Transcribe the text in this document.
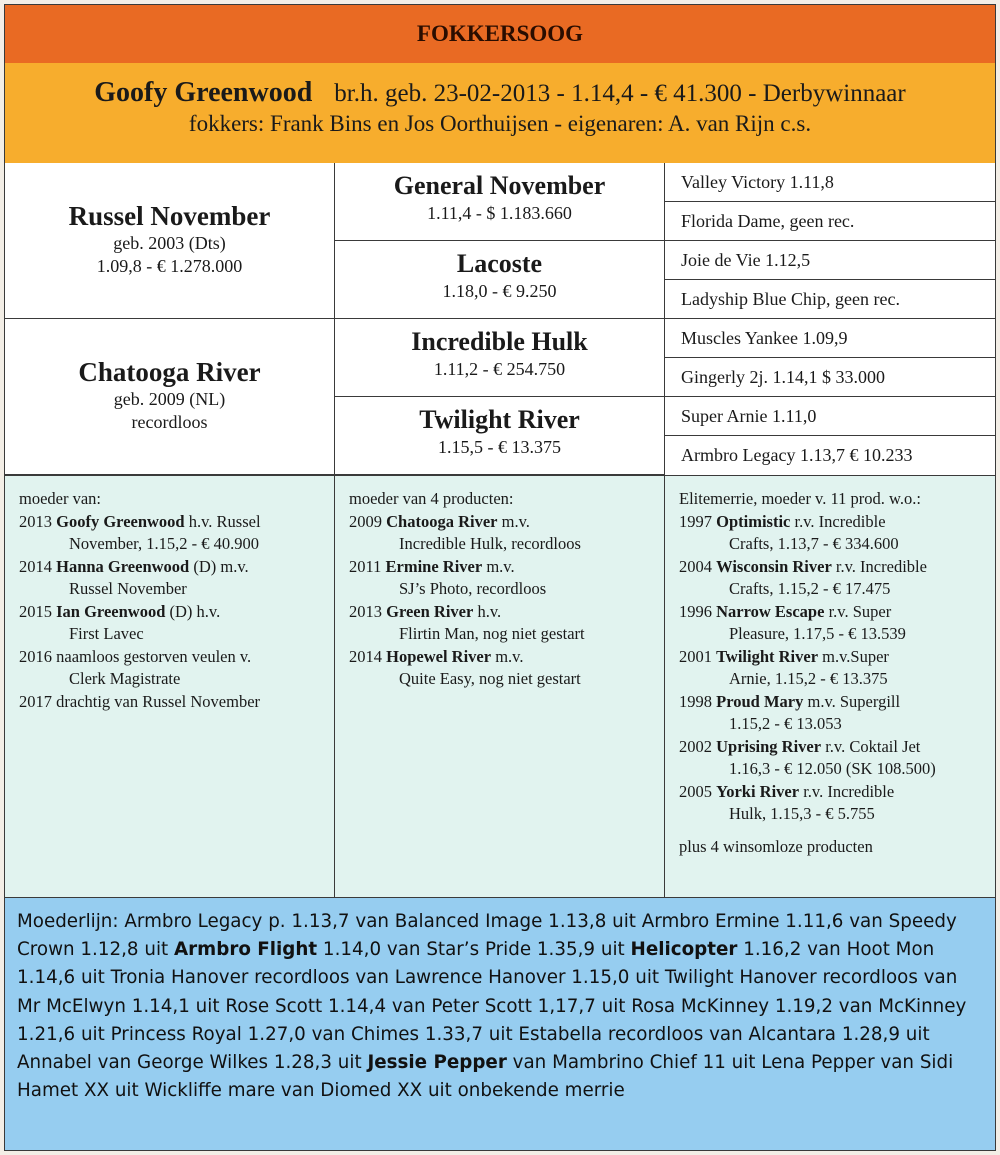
FOKKERSOOG
Goofy Greenwood br.h. geb. 23-02-2013 - 1.14,4 - € 41.300 - Derbywinnaar
fokkers: Frank Bins en Jos Oorthuijsen - eigenaren: A. van Rijn c.s.
Russel November
geb. 2003 (Dts)
1.09,8 - € 1.278.000
Chatooga River
geb. 2009 (NL)
recordloos
General November
1.11,4 - $ 1.183.660
Lacoste
1.18,0 - € 9.250
Incredible Hulk
1.11,2 - € 254.750
Twilight River
1.15,5 - € 13.375
Valley Victory 1.11,8
Florida Dame, geen rec.
Joie de Vie 1.12,5
Ladyship Blue Chip, geen rec.
Muscles Yankee 1.09,9
Gingerly 2j. 1.14,1 $ 33.000
Super Arnie 1.11,0
Armbro Legacy 1.13,7 € 10.233
moeder van:
2013 Goofy Greenwood h.v. Russel
November, 1.15,2 - € 40.900
2014 Hanna Greenwood (D) m.v.
Russel November
2015 Ian Greenwood (D) h.v.
First Lavec
2016 naamloos gestorven veulen v.
Clerk Magistrate
2017 drachtig van Russel November
moeder van 4 producten:
2009 Chatooga River m.v.
Incredible Hulk, recordloos
2011 Ermine River m.v.
SJ’s Photo, recordloos
2013 Green River h.v.
Flirtin Man, nog niet gestart
2014 Hopewel River m.v.
Quite Easy, nog niet gestart
Elitemerrie, moeder v. 11 prod. w.o.:
1997 Optimistic r.v. Incredible
Crafts, 1.13,7 - € 334.600
2004 Wisconsin River r.v. Incredible
Crafts, 1.15,2 - € 17.475
1996 Narrow Escape r.v. Super
Pleasure, 1.17,5 - € 13.539
2001 Twilight River m.v.Super
Arnie, 1.15,2 - € 13.375
1998 Proud Mary m.v. Supergill
1.15,2 - € 13.053
2002 Uprising River r.v. Coktail Jet
1.16,3 - € 12.050 (SK 108.500)
2005 Yorki River r.v. Incredible
Hulk, 1.15,3 - € 5.755
plus 4 winsomloze producten
Moederlijn: Armbro Legacy p. 1.13,7 van Balanced Image 1.13,8 uit Armbro Ermine 1.11,6 van Speedy Crown 1.12,8 uit Armbro Flight 1.14,0 van Star’s Pride 1.35,9 uit Helicopter 1.16,2 van Hoot Mon 1.14,6 uit Tronia Hanover recordloos van Lawrence Hanover 1.15,0 uit Twilight Hanover recordloos van Mr McElwyn 1.14,1 uit Rose Scott 1.14,4 van Peter Scott 1,17,7 uit Rosa McKinney 1.19,2 van McKinney 1.21,6 uit Princess Royal 1.27,0 van Chimes 1.33,7 uit Estabella recordloos van Alcantara 1.28,9 uit Annabel van George Wilkes 1.28,3 uit Jessie Pepper van Mambrino Chief 11 uit Lena Pepper van Sidi Hamet XX uit Wickliffe mare van Diomed XX uit onbekende merrie
